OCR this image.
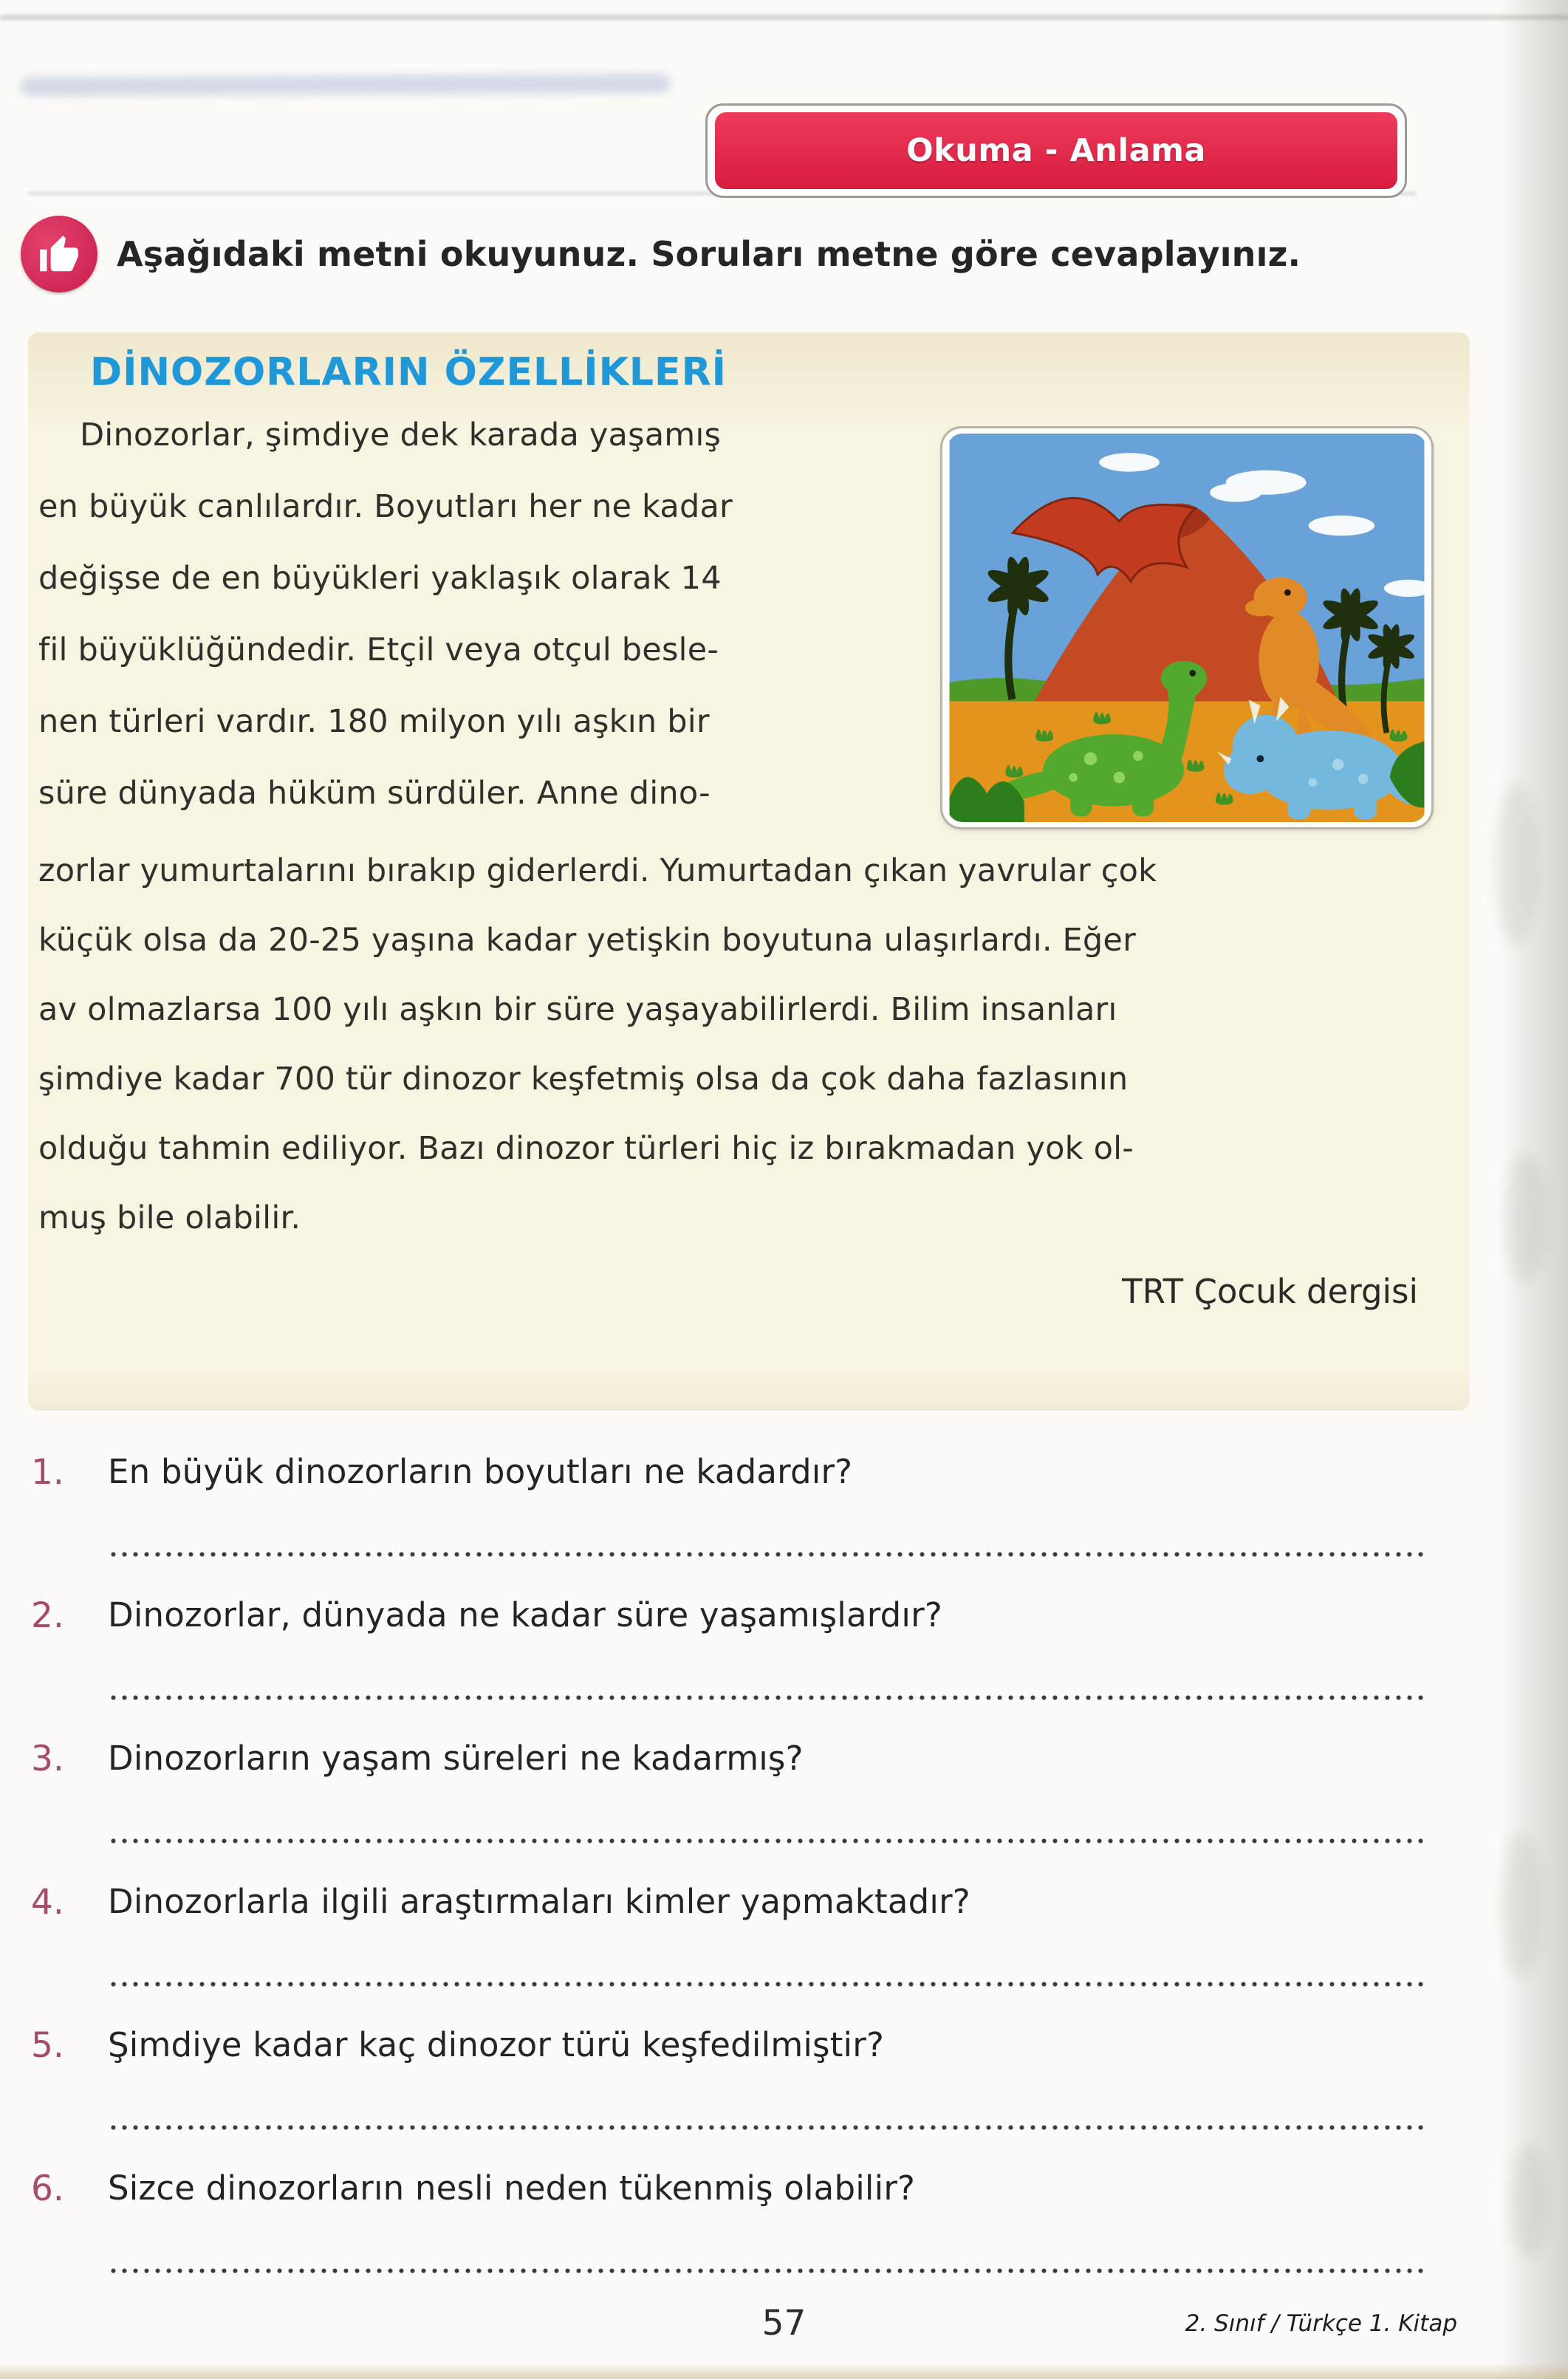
Okuma - Anlama
Aşağıdaki metni okuyunuz. Soruları metne göre cevaplayınız.
DİNOZORLARIN ÖZELLİKLERİ
Dinozorlar, şimdiye dek karada yaşamış
en büyük canlılardır. Boyutları her ne kadar
değişse de en büyükleri yaklaşık olarak 14
fil büyüklüğündedir. Etçil veya otçul besle-
nen türleri vardır. 180 milyon yılı aşkın bir
süre dünyada hüküm sürdüler. Anne dino-
zorlar yumurtalarını bırakıp giderlerdi. Yumurtadan çıkan yavrular çok
küçük olsa da 20-25 yaşına kadar yetişkin boyutuna ulaşırlardı. Eğer
av olmazlarsa 100 yılı aşkın bir süre yaşayabilirlerdi. Bilim insanları
şimdiye kadar 700 tür dinozor keşfetmiş olsa da çok daha fazlasının
olduğu tahmin ediliyor. Bazı dinozor türleri hiç iz bırakmadan yok ol-
muş bile olabilir.
TRT Çocuk dergisi
1. En büyük dinozorların boyutları ne kadardır?
2. Dinozorlar, dünyada ne kadar süre yaşamışlardır?
3. Dinozorların yaşam süreleri ne kadarmış?
4. Dinozorlarla ilgili araştırmaları kimler yapmaktadır?
5. Şimdiye kadar kaç dinozor türü keşfedilmiştir?
6. Sizce dinozorların nesli neden tükenmiş olabilir?
57	2. Sınıf / Türkçe 1. Kitap
